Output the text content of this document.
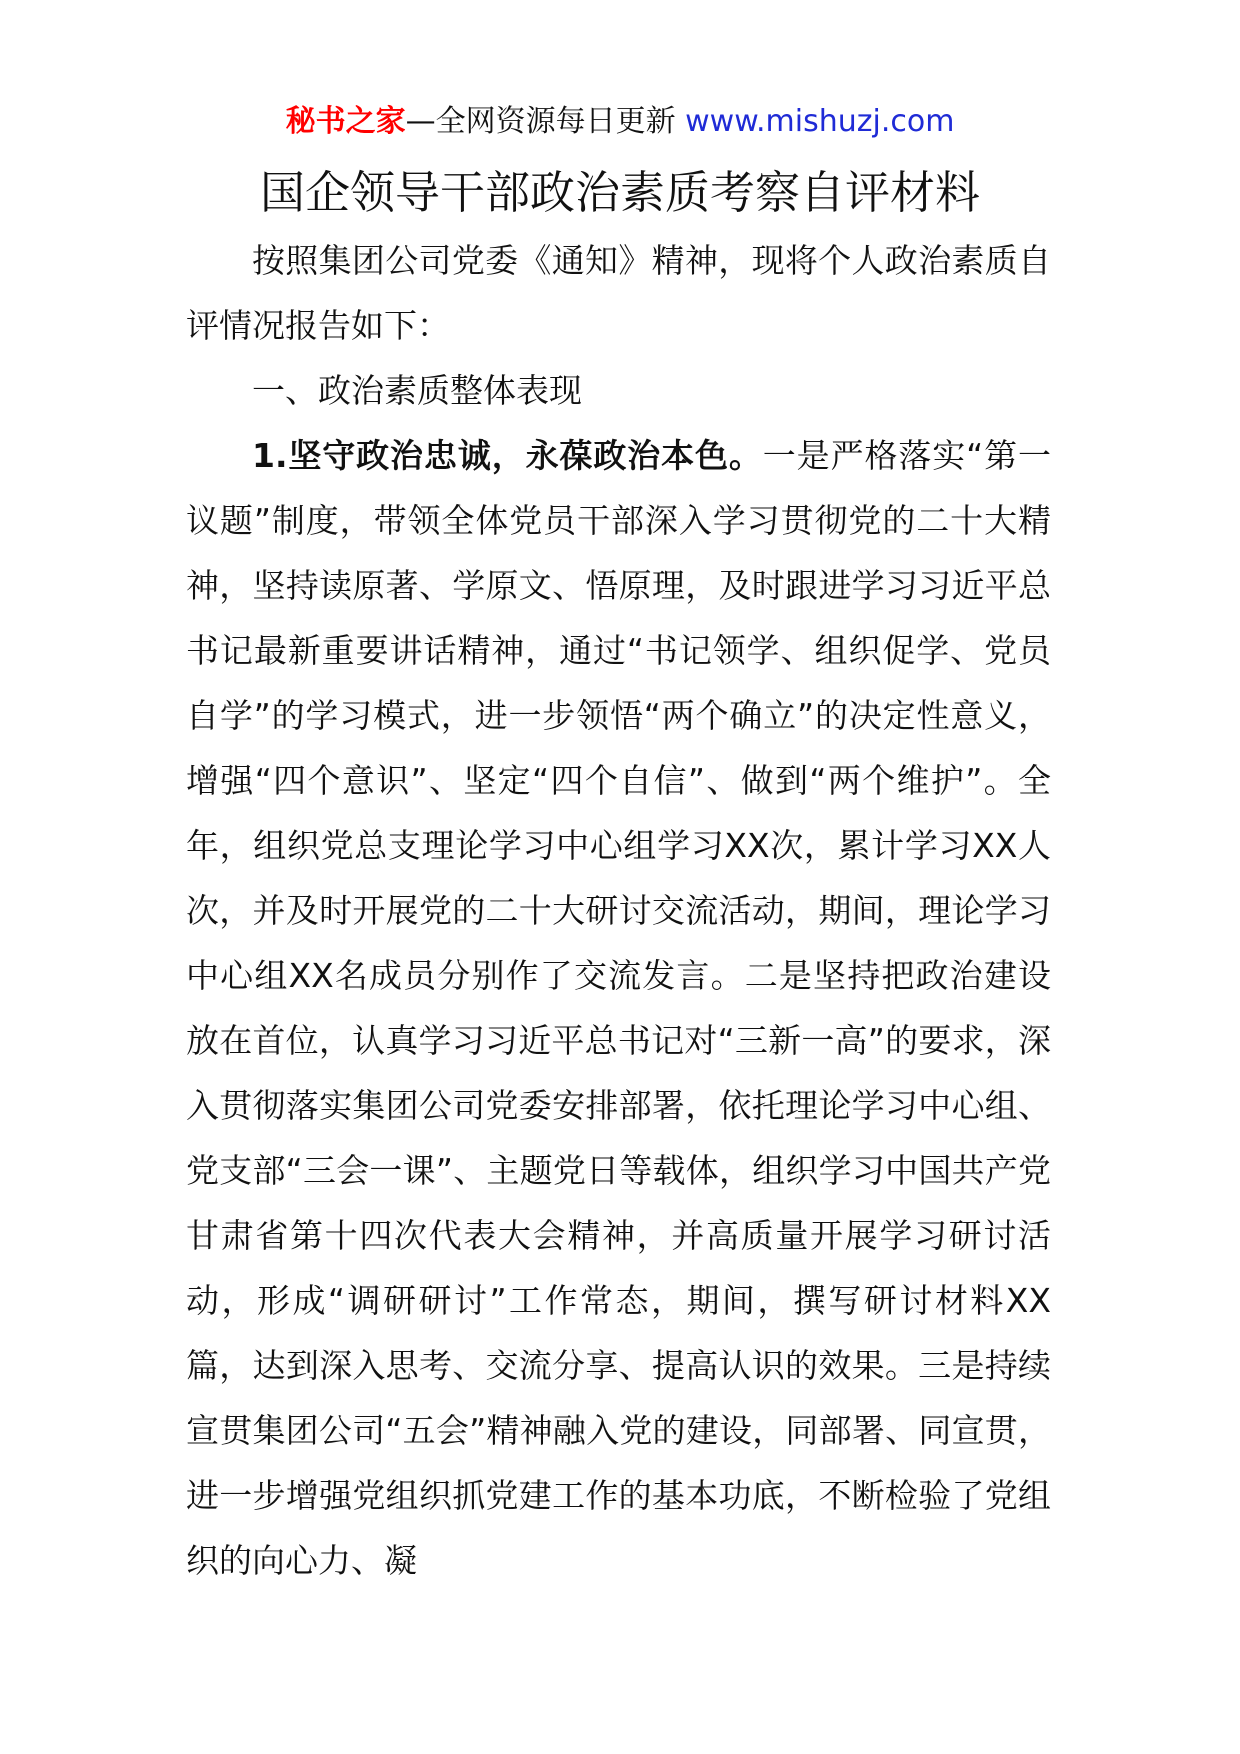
秘书之家—全网资源每日更新 www.mishuzj.com
国企领导干部政治素质考察自评材料

按照集团公司党委《通知》精神，现将个人政治素质自评情况报告如下：

一、政治素质整体表现

1.坚守政治忠诚，永葆政治本色。一是严格落实“第一议题”制度，带领全体党员干部深入学习贯彻党的二十大精神，坚持读原著、学原文、悟原理，及时跟进学习习近平总书记最新重要讲话精神，通过“书记领学、组织促学、党员自学”的学习模式，进一步领悟“两个确立”的决定性意义，增强“四个意识”、坚定“四个自信”、做到“两个维护”。全年，组织党总支理论学习中心组学习XX次，累计学习XX人次，并及时开展党的二十大研讨交流活动，期间，理论学习中心组XX名成员分别作了交流发言。二是坚持把政治建设放在首位，认真学习习近平总书记对“三新一高”的要求，深入贯彻落实集团公司党委安排部署，依托理论学习中心组、党支部“三会一课”、主题党日等载体，组织学习中国共产党甘肃省第十四次代表大会精神，并高质量开展学习研讨活动，形成“调研研讨”工作常态，期间，撰写研讨材料XX篇，达到深入思考、交流分享、提高认识的效果。三是持续宣贯集团公司“五会”精神融入党的建设，同部署、同宣贯，进一步增强党组织抓党建工作的基本功底，不断检验了党组织的向心力、凝
